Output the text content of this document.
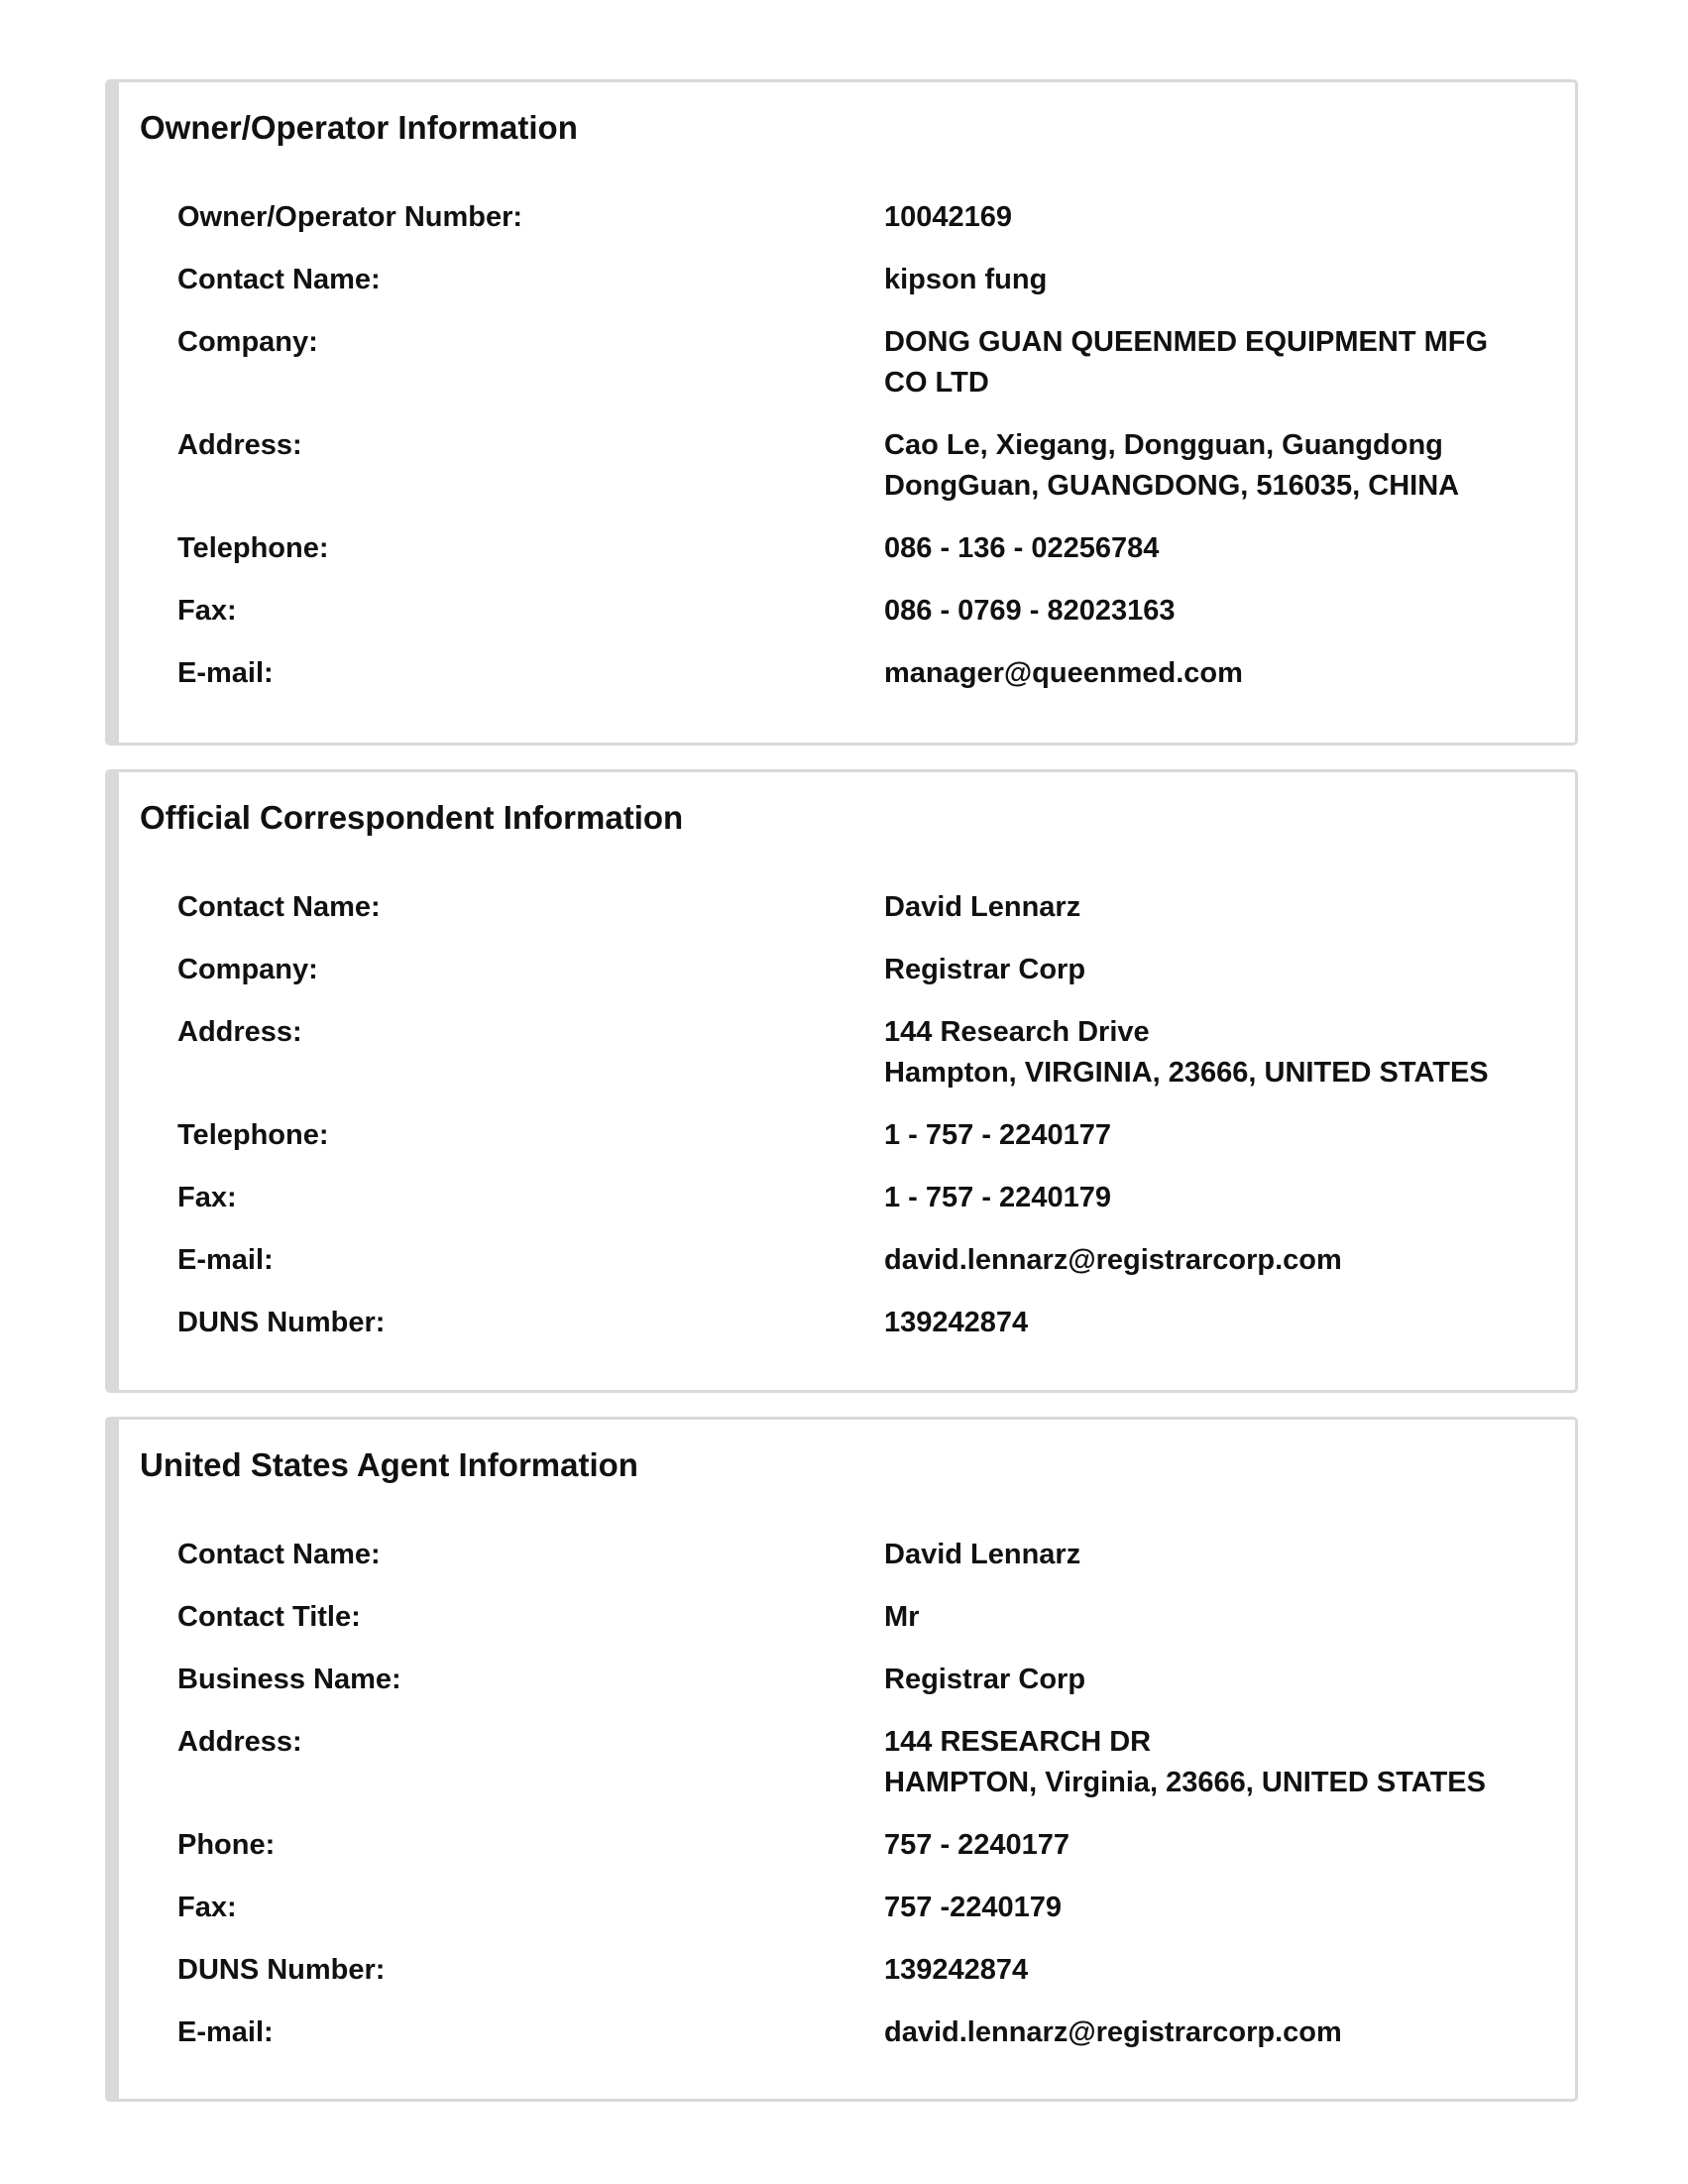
Owner/Operator Information
Owner/Operator Number:	10042169
Contact Name:	kipson fung
Company:	DONG GUAN QUEENMED EQUIPMENT MFG
CO LTD
Address:	Cao Le, Xiegang, Dongguan, Guangdong
DongGuan, GUANGDONG, 516035, CHINA
Telephone:	086 - 136 - 02256784
Fax:	086 - 0769 - 82023163
E-mail:	manager@queenmed.com
Official Correspondent Information
Contact Name:	David Lennarz
Company:	Registrar Corp
Address:	144 Research Drive
Hampton, VIRGINIA, 23666, UNITED STATES
Telephone:	1 - 757 - 2240177
Fax:	1 - 757 - 2240179
E-mail:	david.lennarz@registrarcorp.com
DUNS Number:	139242874
United States Agent Information
Contact Name:	David Lennarz
Contact Title:	Mr
Business Name:	Registrar Corp
Address:	144 RESEARCH DR
HAMPTON, Virginia, 23666, UNITED STATES
Phone:	757 - 2240177
Fax:	757 -2240179
DUNS Number:	139242874
E-mail:	david.lennarz@registrarcorp.com
